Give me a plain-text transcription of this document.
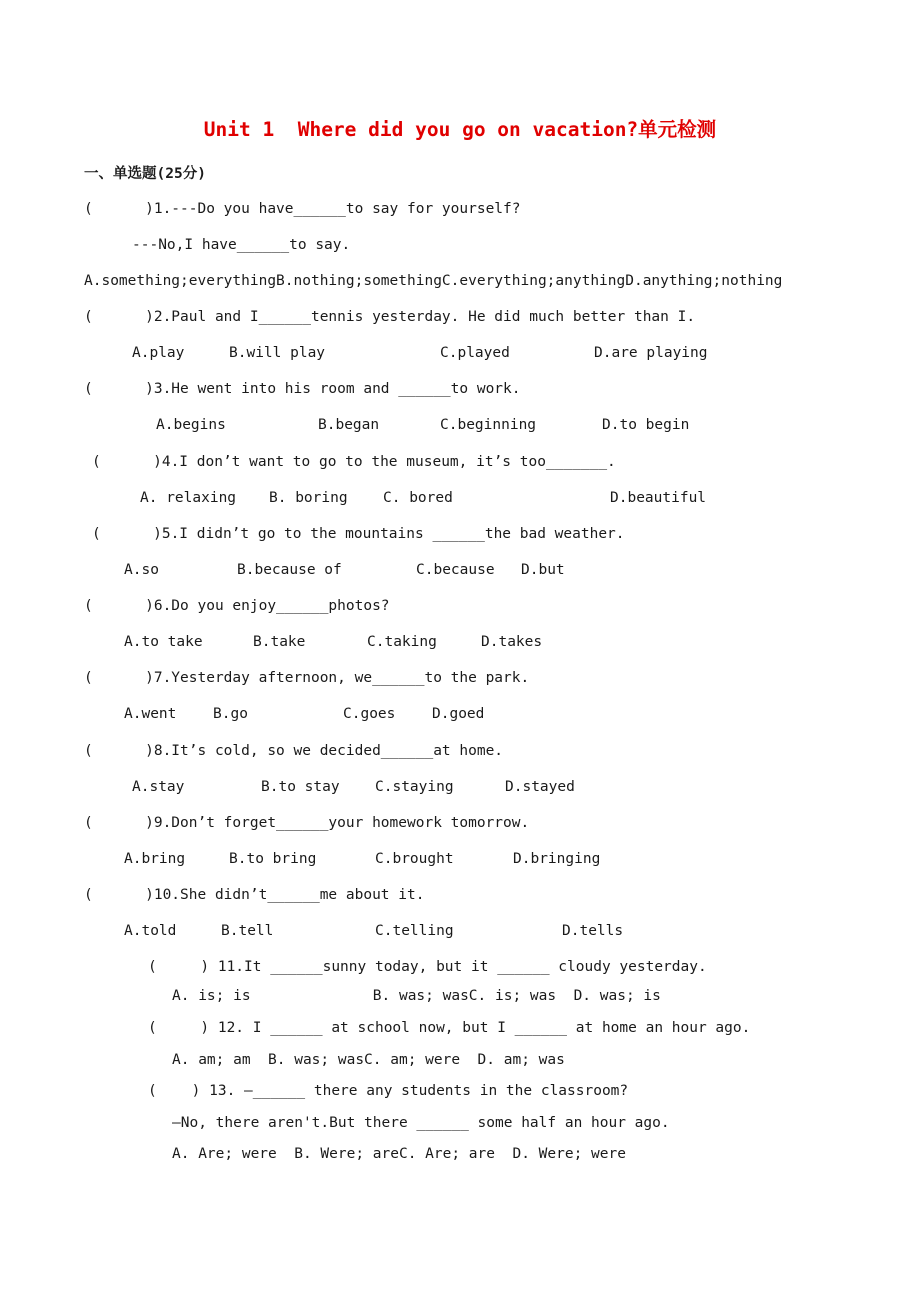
Unit 1  Where did you go on vacation?单元检测
一、单选题(25分)
(      )1.---Do you have______to say for yourself?
---No,I have______to say.
A.something;everythingB.nothing;somethingC.everything;anythingD.anything;nothing
(      )2.Paul and I______tennis yesterday. He did much better than I.
A.play	B.will play	C.played	D.are playing
(      )3.He went into his room and ______to work.
A.begins	B.began	C.beginning	D.to begin
(      )4.I don’t want to go to the museum, it’s too_______.
A. relaxing B. boring C. bored	D.beautiful
(      )5.I didn’t go to the mountains ______the bad weather.
A.so	B.because of	C.because D.but
(      )6.Do you enjoy______photos?
A.to take	B.take	C.taking	D.takes
(      )7.Yesterday afternoon, we______to the park.
A.went	B.go	C.goes	D.goed
(      )8.It’s cold, so we decided______at home.
A.stay	B.to stay C.staying	D.stayed
(      )9.Don’t forget______your homework tomorrow.
A.bring	B.to bring	C.brought	D.bringing
(      )10.She didn’t______me about it.
A.told	B.tell	C.telling	D.tells
(     ) 11.It ______sunny today, but it ______ cloudy yesterday.
A. is; is              B. was; wasC. is; was  D. was; is
(     ) 12. I ______ at school now, but I ______ at home an hour ago.
A. am; am  B. was; wasC. am; were  D. am; was
(    ) 13. —______ there any students in the classroom?
—No, there aren't.But there ______ some half an hour ago.
A. Are; were  B. Were; areC. Are; are  D. Were; were
